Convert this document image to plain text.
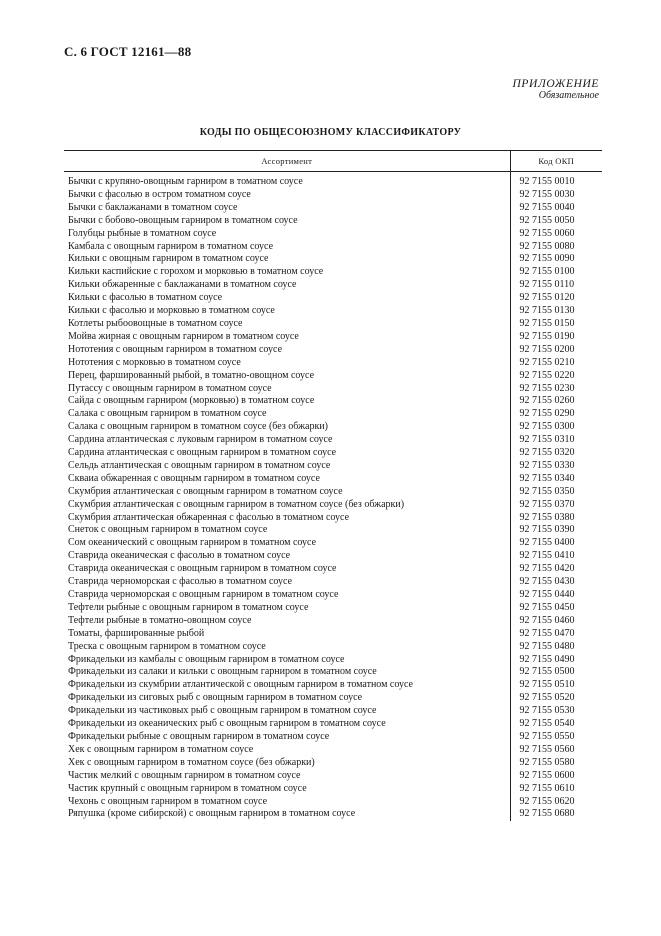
С. 6 ГОСТ 12161—88
ПРИЛОЖЕНИЕ
Обязательное
КОДЫ ПО ОБЩЕСОЮЗНОМУ КЛАССИФИКАТОРУ
Ассортимент	Код ОКП
Бычки с крупяно-овощным гарниром в томатном соусе	92 7155 0010
Бычки с фасолью в остром томатном соусе	92 7155 0030
Бычки с баклажанами в томатном соусе	92 7155 0040
Бычки с бобово-овощным гарниром в томатном соусе	92 7155 0050
Голубцы рыбные в томатном соусе	92 7155 0060
Камбала с овощным гарниром в томатном соусе	92 7155 0080
Кильки с овощным гарниром в томатном соусе	92 7155 0090
Кильки каспийские с горохом и морковью в томатном соусе	92 7155 0100
Кильки обжаренные с баклажанами в томатном соусе	92 7155 0110
Кильки с фасолью в томатном соусе	92 7155 0120
Кильки с фасолью и морковью в томатном соусе	92 7155 0130
Котлеты рыбоовощные в томатном соусе	92 7155 0150
Мойва жирная с овощным гарниром в томатном соусе	92 7155 0190
Нототения с овощным гарниром в томатном соусе	92 7155 0200
Нототения с морковью в томатном соусе	92 7155 0210
Перец, фаршированный рыбой, в томатно-овощном соусе	92 7155 0220
Путассу с овощным гарниром в томатном соусе	92 7155 0230
Сайда с овощным гарниром (морковью) в томатном соусе	92 7155 0260
Салака с овощным гарниром в томатном соусе	92 7155 0290
Салака с овощным гарниром в томатном соусе (без обжарки)	92 7155 0300
Сардина атлантическая с луковым гарниром в томатном соусе	92 7155 0310
Сардина атлантическая с овощным гарниром в томатном соусе	92 7155 0320
Сельдь атлантическая с овощным гарниром в томатном соусе	92 7155 0330
Скваиа обжаренная с овощным гарниром в томатном соусе	92 7155 0340
Скумбрия атлантическая с овощным гарниром в томатном соусе	92 7155 0350
Скумбрия атлантическая с овощным гарниром в томатном соусе (без обжарки)	92 7155 0370
Скумбрия атлантическая обжаренная с фасолью в томатном соусе	92 7155 0380
Снеток с овощным гарниром в томатном соусе	92 7155 0390
Сом океанический с овощным гарниром в томатном соусе	92 7155 0400
Ставрида океаническая с фасолью в томатном соусе	92 7155 0410
Ставрида океаническая с овощным гарниром в томатном соусе	92 7155 0420
Ставрида черноморская с фасолью в томатном соусе	92 7155 0430
Ставрида черноморская с овощным гарниром в томатном соусе	92 7155 0440
Тефтели рыбные с овощным гарниром в томатном соусе	92 7155 0450
Тефтели рыбные в томатно-овощном соусе	92 7155 0460
Томаты, фаршированные рыбой	92 7155 0470
Треска с овощным гарниром в томатном соусе	92 7155 0480
Фрикадельки из камбалы с овощным гарниром в томатном соусе	92 7155 0490
Фрикадельки из салаки и кильки с овощным гарниром в томатном соусе	92 7155 0500
Фрикадельки из скумбрии атлантической с овощным гарниром в томатном соусе	92 7155 0510
Фрикадельки из сиговых рыб с овощным гарниром в томатном соусе	92 7155 0520
Фрикадельки из частиковых рыб с овощным гарниром в томатном соусе	92 7155 0530
Фрикадельки из океанических рыб с овощным гарниром в томатном соусе	92 7155 0540
Фрикадельки рыбные с овощным гарниром в томатном соусе	92 7155 0550
Хек с овощным гарниром в томатном соусе	92 7155 0560
Хек с овощным гарниром в томатном соусе (без обжарки)	92 7155 0580
Частик мелкий с овощным гарниром в томатном соусе	92 7155 0600
Частик крупный с овощным гарниром в томатном соусе	92 7155 0610
Чехонь с овощным гарниром в томатном соусе	92 7155 0620
Ряпушка (кроме сибирской) с овощным гарниром в томатном соусе	92 7155 0680
